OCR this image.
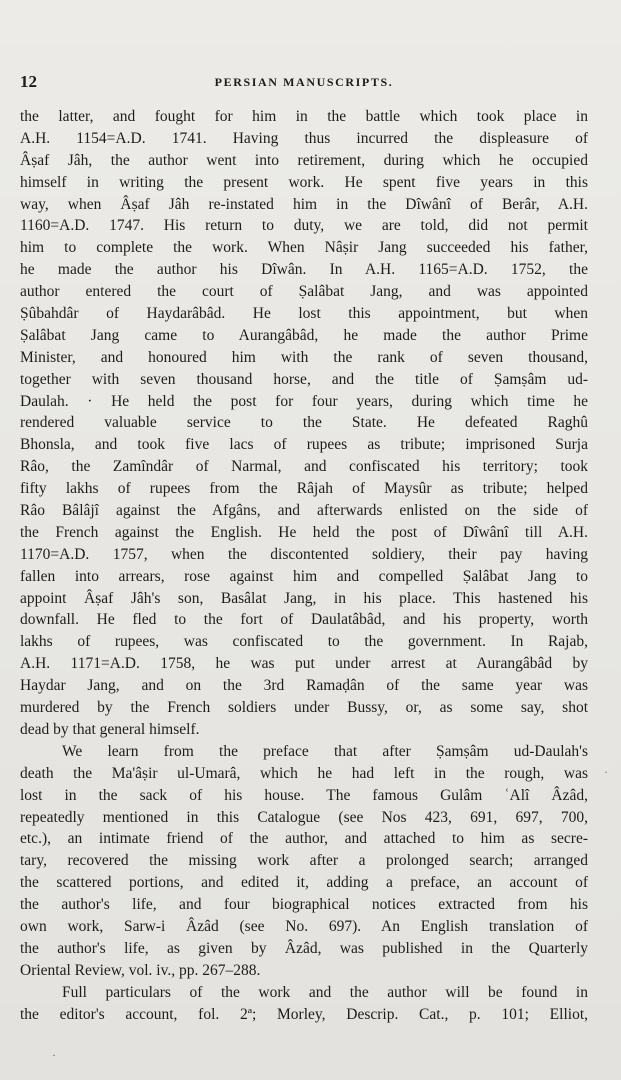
12	PERSIAN MANUSCRIPTS.
the latter, and fought for him in the battle which took place in
A.H. 1154=A.D. 1741. Having thus incurred the displeasure of
Âṣaf Jâh, the author went into retirement, during which he occupied
himself in writing the present work. He spent five years in this
way, when Âṣaf Jâh re-instated him in the Dîwânî of Berâr, A.H.
1160=A.D. 1747. His return to duty, we are told, did not permit
him to complete the work. When Nâṣir Jang succeeded his father,
he made the author his Dîwân. In A.H. 1165=A.D. 1752, the
author entered the court of Ṣalâbat Jang, and was appointed
Ṣûbahdâr of Haydarâbâd. He lost this appointment, but when
Ṣalâbat Jang came to Aurangâbâd, he made the author Prime
Minister, and honoured him with the rank of seven thousand,
together with seven thousand horse, and the title of Ṣamṣâm ud-
Daulah. · He held the post for four years, during which time he
rendered valuable service to the State. He defeated Raghû
Bhonsla, and took five lacs of rupees as tribute; imprisoned Surja
Râo, the Zamîndâr of Narmal, and confiscated his territory; took
fifty lakhs of rupees from the Râjah of Maysûr as tribute; helped
Râo Bâlâjî against the Afgâns, and afterwards enlisted on the side of
the French against the English. He held the post of Dîwânî till A.H.
1170=A.D. 1757, when the discontented soldiery, their pay having
fallen into arrears, rose against him and compelled Ṣalâbat Jang to
appoint Âṣaf Jâh's son, Basâlat Jang, in his place. This hastened his
downfall. He fled to the fort of Daulatâbâd, and his property, worth
lakhs of rupees, was confiscated to the government. In Rajab,
A.H. 1171=A.D. 1758, he was put under arrest at Aurangâbâd by
Haydar Jang, and on the 3rd Ramaḍân of the same year was
murdered by the French soldiers under Bussy, or, as some say, shot
dead by that general himself.
We learn from the preface that after Ṣamṣâm ud-Daulah's
death the Ma'âṣir ul-Umarâ, which he had left in the rough, was
lost in the sack of his house. The famous Gulâm ʿAlî Âzâd,
repeatedly mentioned in this Catalogue (see Nos 423, 691, 697, 700,
etc.), an intimate friend of the author, and attached to him as secre-
tary, recovered the missing work after a prolonged search; arranged
the scattered portions, and edited it, adding a preface, an account of
the author's life, and four biographical notices extracted from his
own work, Sarw-i Âzâd (see No. 697). An English translation of
the author's life, as given by Âzâd, was published in the Quarterly
Oriental Review, vol. iv., pp. 267–288.
Full particulars of the work and the author will be found in
the editor's account, fol. 2ª; Morley, Descrip. Cat., p. 101; Elliot,
·
·
